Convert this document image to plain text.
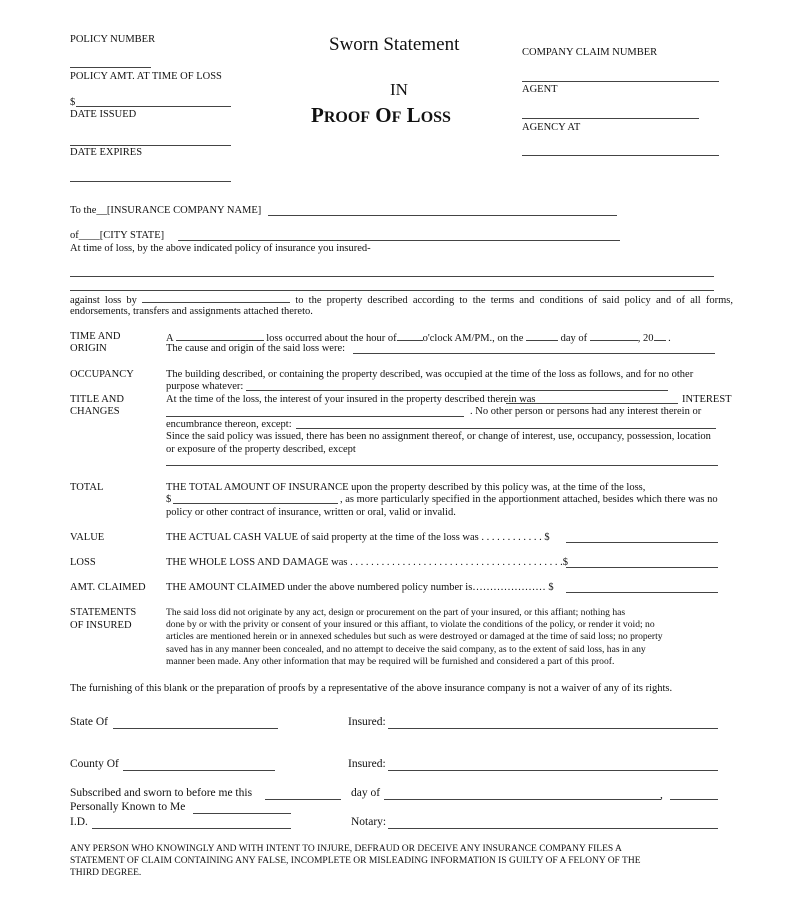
POLICY NUMBER
POLICY AMT. AT TIME OF LOSS
$
DATE ISSUED
DATE EXPIRES
Sworn Statement
IN
PROOF OF LOSS
COMPANY CLAIM NUMBER
AGENT
AGENCY AT
To the__[INSURANCE COMPANY NAME]
of____[CITY STATE]
At time of loss, by the above indicated policy of insurance you insured-
against loss by	to the property described according to the terms and conditions of said policy and of all forms,
endorsements, transfers and assignments attached thereto.
TIME AND
ORIGIN
A	loss occurred about the hour of o'clock AM/PM., on the	day of	, 20 .
The cause and origin of the said loss were:
OCCUPANCY	The building described, or containing the property described, was occupied at the time of the loss as follows, and for no other
purpose whatever:
TITLE AND
CHANGES
At the time of the loss, the interest of your insured in the property described therein was	INTEREST
. No other person or persons had any interest therein or
encumbrance thereon, except:
Since the said policy was issued, there has been no assignment thereof, or change of interest, use, occupancy, possession, location
or exposure of the property described, except
TOTAL	THE TOTAL AMOUNT OF INSURANCE upon the property described by this policy was, at the time of the loss,
$	, as more particularly specified in the apportionment attached, besides which there was no
policy or other contract of insurance, written or oral, valid or invalid.
VALUE	THE ACTUAL CASH VALUE of said property at the time of the loss was . . . . . . . . . . . . $
LOSS	THE WHOLE LOSS AND DAMAGE was . . . . . . . . . . . . . . . . . . . . . . . . . . . . . . . . . . . . . . . . .$
AMT. CLAIMED THE AMOUNT CLAIMED under the above numbered policy number is………………… $
STATEMENTS
OF INSURED
The said loss did not originate by any act, design or procurement on the part of your insured, or this affiant; nothing has
done by or with the privity or consent of your insured or this affiant, to violate the conditions of the policy, or render it void; no
articles are mentioned herein or in annexed schedules but such as were destroyed or damaged at the time of said loss; no property
saved has in any manner been concealed, and no attempt to deceive the said company, as to the extent of said loss, has in any
manner been made. Any other information that may be required will be furnished and considered a part of this proof.
The furnishing of this blank or the preparation of proofs by a representative of the above insurance company is not a waiver of any of its rights.
State Of	Insured:
County Of	Insured:
Subscribed and sworn to before me this	day of	,
Personally Known to Me
I.D.	Notary:
ANY PERSON WHO KNOWINGLY AND WITH INTENT TO INJURE, DEFRAUD OR DECEIVE ANY INSURANCE COMPANY FILES A
STATEMENT OF CLAIM CONTAINING ANY FALSE, INCOMPLETE OR MISLEADING INFORMATION IS GUILTY OF A FELONY OF THE
THIRD DEGREE.
